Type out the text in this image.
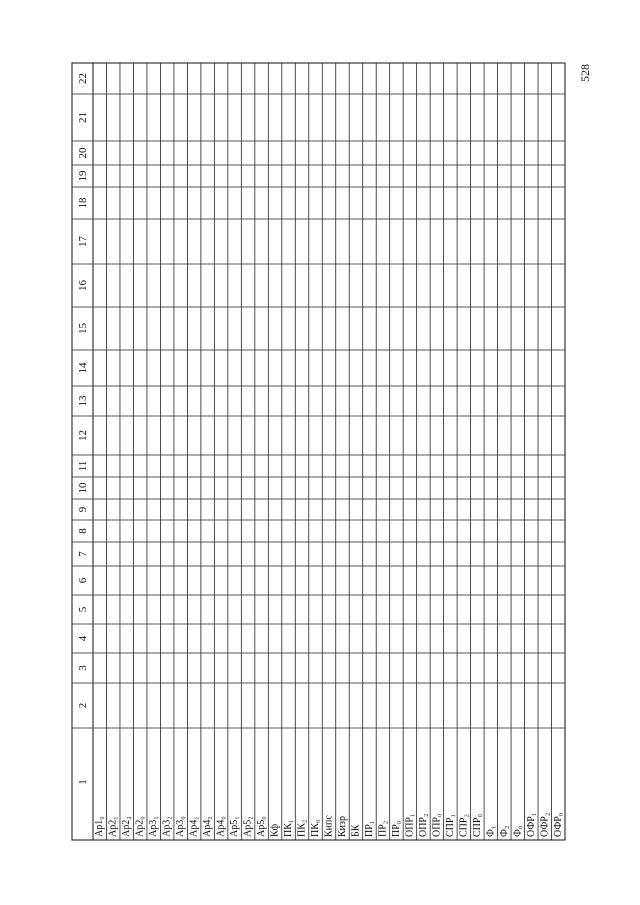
1
2
3
4
5
6
7
8
9
10
11
12
13
14
15
16
17
18
19
20
21
22
Ар1₀ Ар2₁ Ар2₂ Ар2₀ Ар3₁ Ар3₂ Ар3₀ Ар4₁ Ар4₂ Ар4₀ Ар5₁ Ар5₂ Ар5₀ Кф ПК₁ ПК₂ ПК₀ Кипс Кизр БК ПР₁ ПР₂ ПР₀ ОПР₁ ОПР₂ ОПР₀ СПР₁ СПР₂ СПР₀ Ф₁ Ф₂ Ф₀ ОФР₁ ОФР₂ ОФР₀
528
